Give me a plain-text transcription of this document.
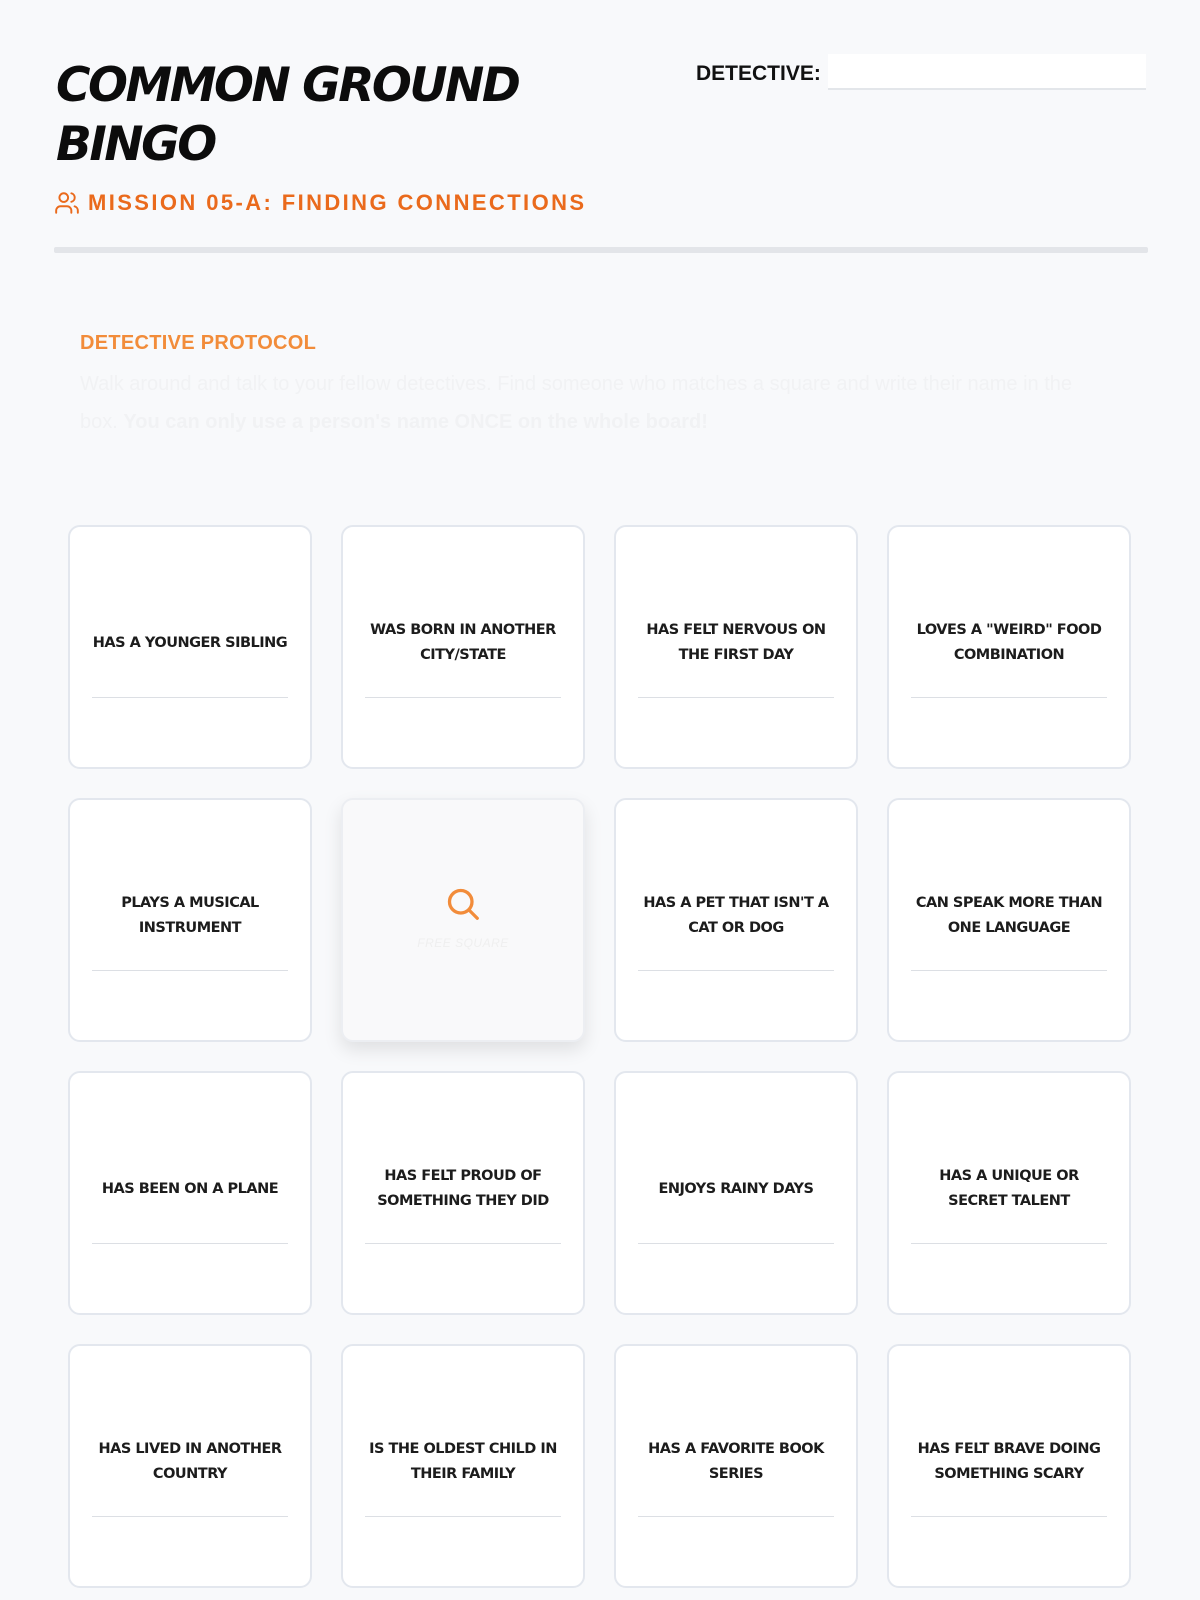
COMMON GROUND
BINGO
MISSION 05-A: FINDING CONNECTIONS
DETECTIVE:
DETECTIVE PROTOCOL
Walk around and talk to your fellow detectives. Find someone who matches a square and write their name in the box. You can only use a person's name ONCE on the whole board!
HAS A YOUNGER SIBLING
WAS BORN IN ANOTHER CITY/STATE
HAS FELT NERVOUS ON THE FIRST DAY
LOVES A "WEIRD" FOOD COMBINATION
PLAYS A MUSICAL INSTRUMENT
FREE SQUARE
HAS A PET THAT ISN'T A CAT OR DOG
CAN SPEAK MORE THAN ONE LANGUAGE
HAS BEEN ON A PLANE
HAS FELT PROUD OF SOMETHING THEY DID
ENJOYS RAINY DAYS
HAS A UNIQUE OR SECRET TALENT
HAS LIVED IN ANOTHER COUNTRY
IS THE OLDEST CHILD IN THEIR FAMILY
HAS A FAVORITE BOOK SERIES
HAS FELT BRAVE DOING SOMETHING SCARY
